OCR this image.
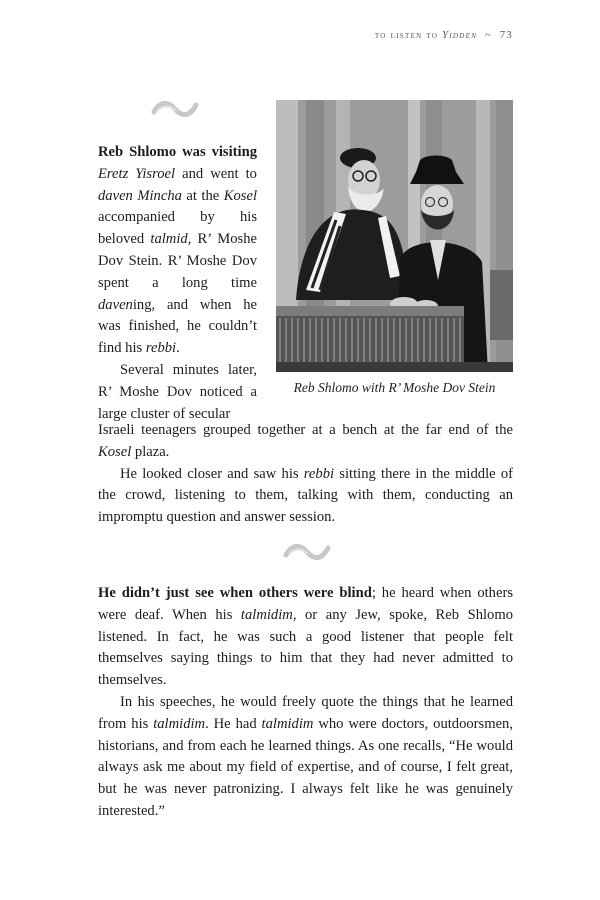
to listen to Yidden ~ 73
Reb Shlomo with R’ Moshe Dov Stein

Reb Shlomo was visiting Eretz Yisroel and went to daven Mincha at the Kosel accompanied by his beloved talmid, R’ Moshe Dov Stein. R’ Moshe Dov spent a long time davening, and when he was finished, he couldn’t find his rebbi.

Several minutes later, R’ Moshe Dov noticed a large cluster of secular

Israeli teenagers grouped together at a bench at the far end of the Kosel plaza.

He looked closer and saw his rebbi sitting there in the middle of the crowd, listening to them, talking with them, conducting an impromptu question and answer session.

He didn’t just see when others were blind; he heard when others were deaf. When his talmidim, or any Jew, spoke, Reb Shlomo listened. In fact, he was such a good listener that people felt themselves saying things to him that they had never admitted to themselves.

In his speeches, he would freely quote the things that he learned from his talmidim. He had talmidim who were doctors, outdoorsmen, historians, and from each he learned things. As one recalls, “He would always ask me about my field of expertise, and of course, I felt great, but he was never patronizing. I always felt like he was genuinely interested.”
